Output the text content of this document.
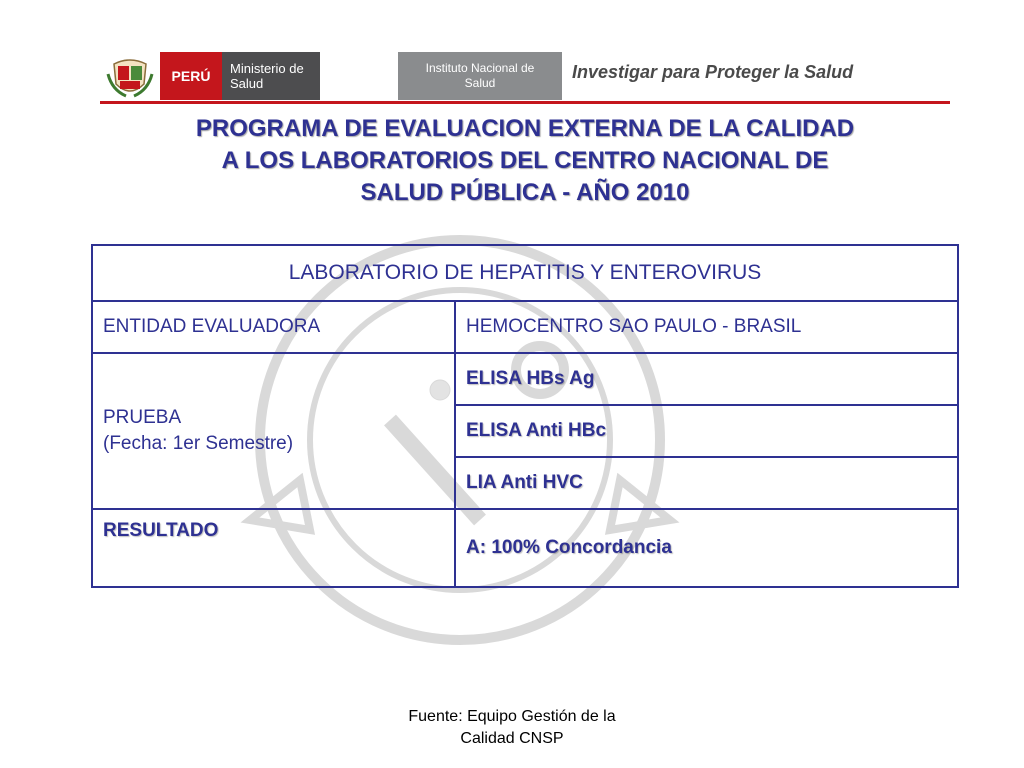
PERÚ	Ministerio de Salud
Instituto Nacional de
Salud
Investigar para Proteger la Salud
PROGRAMA DE EVALUACION EXTERNA DE LA CALIDAD
A LOS LABORATORIOS DEL CENTRO NACIONAL DE
SALUD PÚBLICA - AÑO 2010
LABORATORIO DE HEPATITIS Y ENTEROVIRUS	
ENTIDAD EVALUADORA	HEMOCENTRO SAO PAULO - BRASIL

PRUEBA
(Fecha: 1er Semestre)	ELISA HBs Ag
	ELISA Anti HBc
	LIA Anti HVC
RESULTADO	A: 100% Concordancia
Fuente: Equipo Gestión de la
Calidad CNSP
